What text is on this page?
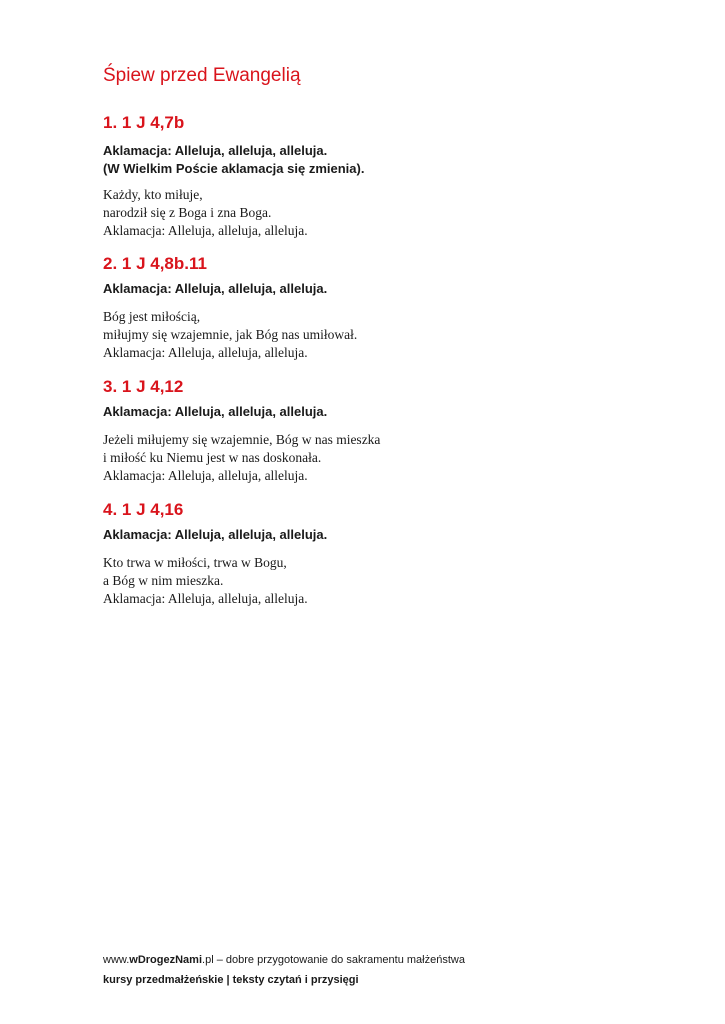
Śpiew przed Ewangelią
1. 1 J 4,7b

Aklamacja: Alleluja, alleluja, alleluja.

(W Wielkim Poście aklamacja się zmienia).

Każdy, kto miłuje,
narodził się z Boga i zna Boga.
Aklamacja: Alleluja, alleluja, alleluja.

2. 1 J 4,8b.11

Aklamacja: Alleluja, alleluja, alleluja.

Bóg jest miłością,
miłujmy się wzajemnie, jak Bóg nas umiłował.
Aklamacja: Alleluja, alleluja, alleluja.

3. 1 J 4,12

Aklamacja: Alleluja, alleluja, alleluja.

Jeżeli miłujemy się wzajemnie, Bóg w nas mieszka
i miłość ku Niemu jest w nas doskonała.
Aklamacja: Alleluja, alleluja, alleluja.

4. 1 J 4,16

Aklamacja: Alleluja, alleluja, alleluja.

Kto trwa w miłości, trwa w Bogu,
a Bóg w nim mieszka.
Aklamacja: Alleluja, alleluja, alleluja.

www.wDrogezNami.pl – dobre przygotowanie do sakramentu małżeństwa
kursy przedmałżeńskie | teksty czytań i przysięgi
